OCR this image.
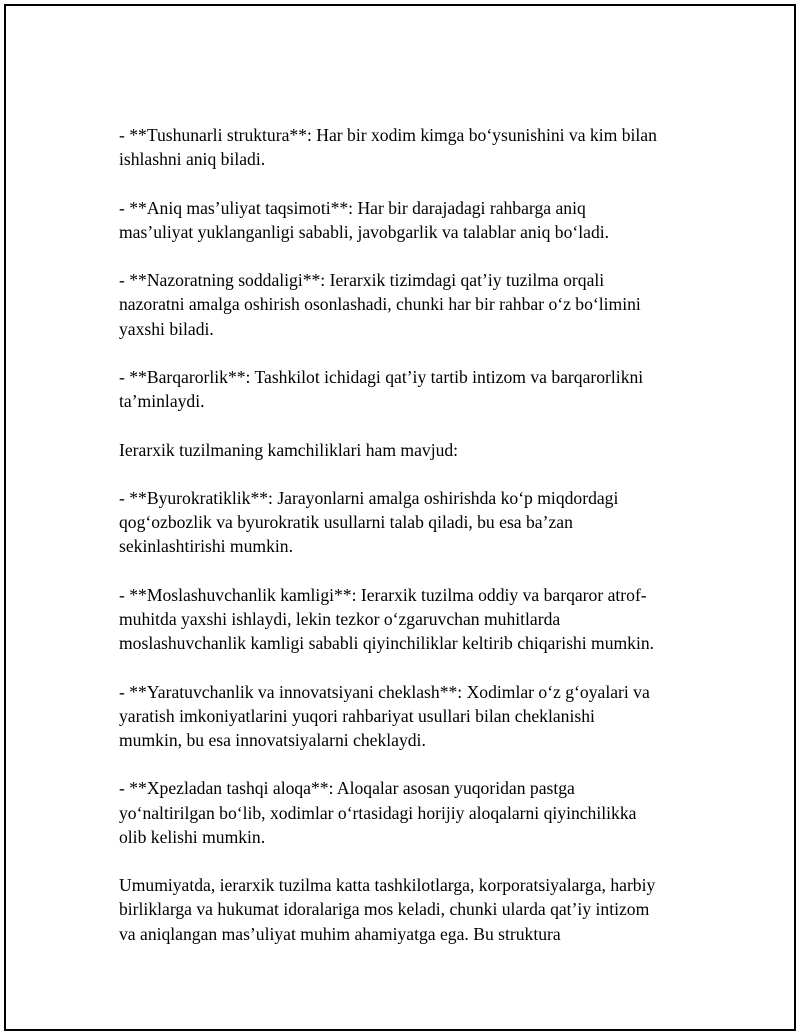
- **Tushunarli struktura**: Har bir xodim kimga bo‘ysunishini va kim bilan
ishlashni aniq biladi.

- **Aniq mas’uliyat taqsimoti**: Har bir darajadagi rahbarga aniq
mas’uliyat yuklanganligi sababli, javobgarlik va talablar aniq bo‘ladi.

- **Nazoratning soddaligi**: Ierarxik tizimdagi qat’iy tuzilma orqali
nazoratni amalga oshirish osonlashadi, chunki har bir rahbar o‘z bo‘limini
yaxshi biladi.

- **Barqarorlik**: Tashkilot ichidagi qat’iy tartib intizom va barqarorlikni
ta’minlaydi.

Ierarxik tuzilmaning kamchiliklari ham mavjud:

- **Byurokratiklik**: Jarayonlarni amalga oshirishda ko‘p miqdordagi
qog‘ozbozlik va byurokratik usullarni talab qiladi, bu esa ba’zan
sekinlashtirishi mumkin.

- **Moslashuvchanlik kamligi**: Ierarxik tuzilma oddiy va barqaror atrof-
muhitda yaxshi ishlaydi, lekin tezkor o‘zgaruvchan muhitlarda
moslashuvchanlik kamligi sababli qiyinchiliklar keltirib chiqarishi mumkin.

- **Yaratuvchanlik va innovatsiyani cheklash**: Xodimlar o‘z g‘oyalari va
yaratish imkoniyatlarini yuqori rahbariyat usullari bilan cheklanishi
mumkin, bu esa innovatsiyalarni cheklaydi.

- **Xpezladan tashqi aloqa**: Aloqalar asosan yuqoridan pastga
yo‘naltirilgan bo‘lib, xodimlar o‘rtasidagi horijiy aloqalarni qiyinchilikka
olib kelishi mumkin.

Umumiyatda, ierarxik tuzilma katta tashkilotlarga, korporatsiyalarga, harbiy
birliklarga va hukumat idoralariga mos keladi, chunki ularda qat’iy intizom
va aniqlangan mas’uliyat muhim ahamiyatga ega. Bu struktura
